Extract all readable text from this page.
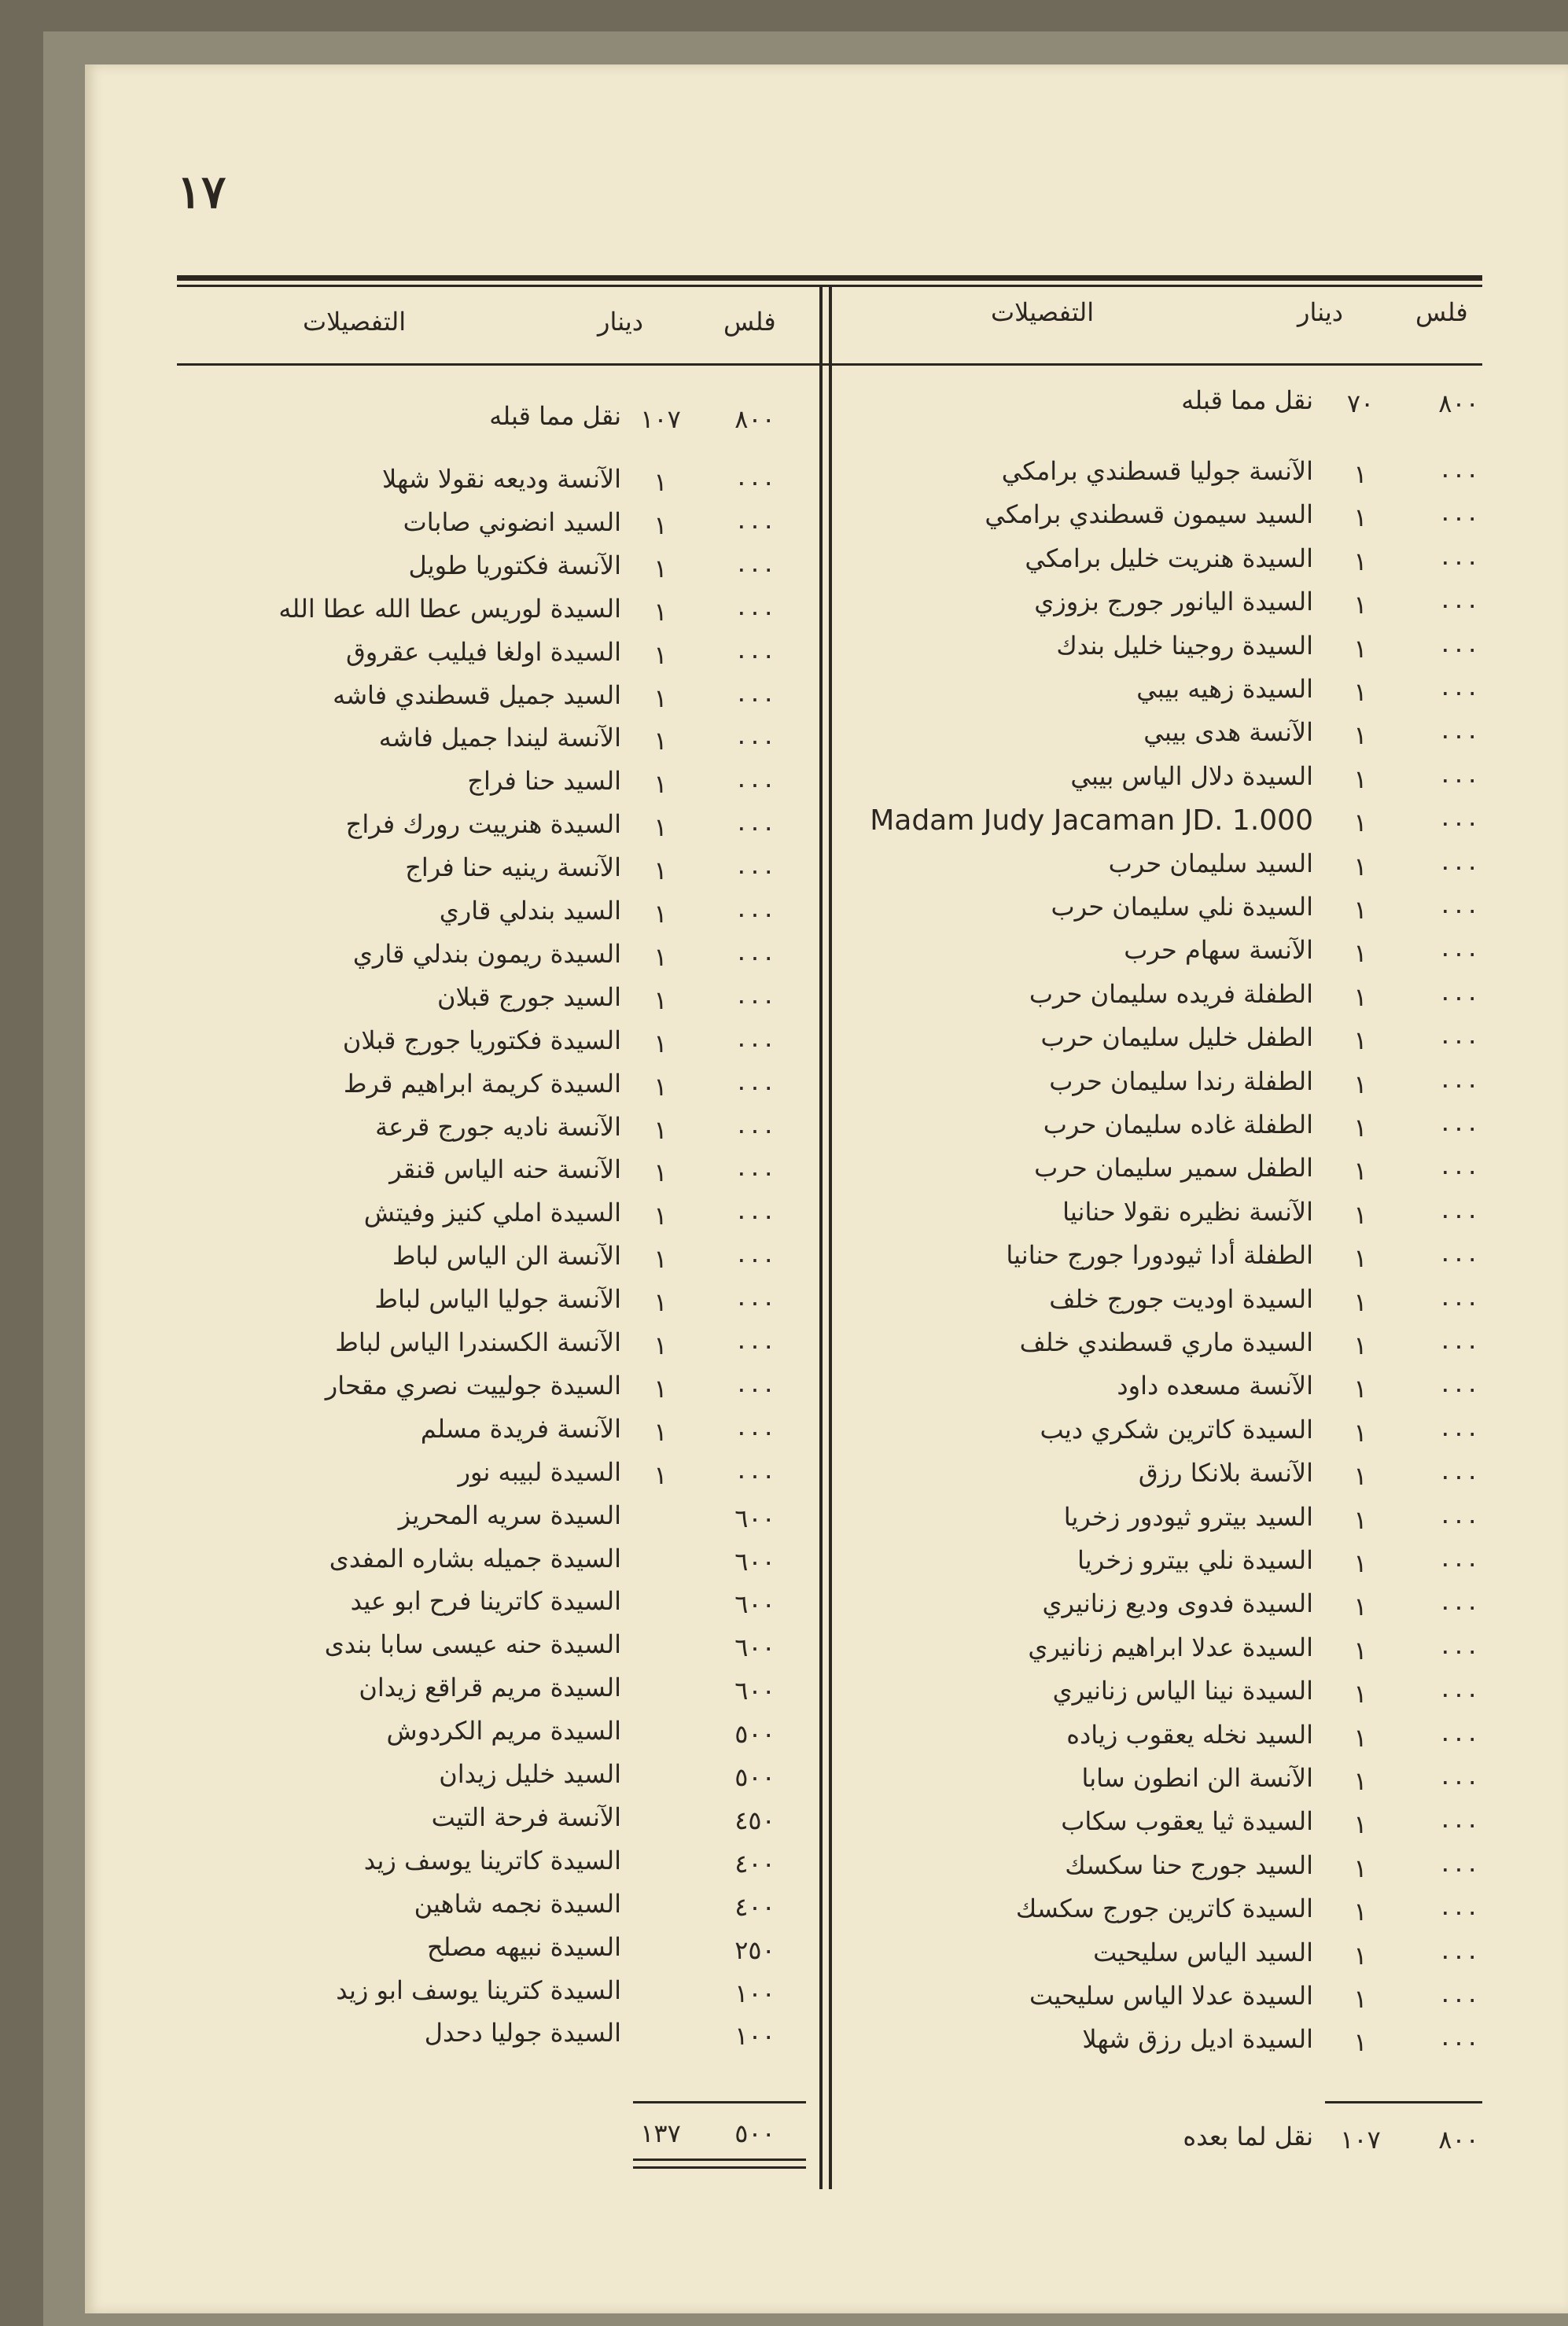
١٧
فلس
دينار
التفصيلات
فلس
دينار
التفصيلات
٨٠٠
٧٠
نقل مما قبله
٠٠٠
١
الآنسة جوليا قسطندي برامكي
٠٠٠
١
السيد سيمون قسطندي برامكي
٠٠٠
١
السيدة هنريت خليل برامكي
٠٠٠
١
السيدة اليانور جورج بزوزي
٠٠٠
١
السيدة روجينا خليل بندك
٠٠٠
١
السيدة زهيه بيبي
٠٠٠
١
الآنسة هدى بيبي
٠٠٠
١
السيدة دلال الياس بيبي
٠٠٠
١
Madam Judy Jacaman JD. 1.000
٠٠٠
١
السيد سليمان حرب
٠٠٠
١
السيدة نلي سليمان حرب
٠٠٠
١
الآنسة سهام حرب
٠٠٠
١
الطفلة فريده سليمان حرب
٠٠٠
١
الطفل خليل سليمان حرب
٠٠٠
١
الطفلة رندا سليمان حرب
٠٠٠
١
الطفلة غاده سليمان حرب
٠٠٠
١
الطفل سمير سليمان حرب
٠٠٠
١
الآنسة نظيره نقولا حنانيا
٠٠٠
١
الطفلة أدا ثيودورا جورج حنانيا
٠٠٠
١
السيدة اوديت جورج خلف
٠٠٠
١
السيدة ماري قسطندي خلف
٠٠٠
١
الآنسة مسعده داود
٠٠٠
١
السيدة كاترين شكري ديب
٠٠٠
١
الآنسة بلانكا رزق
٠٠٠
١
السيد بيترو ثيودور زخريا
٠٠٠
١
السيدة نلي بيترو زخريا
٠٠٠
١
السيدة فدوى وديع زنانيري
٠٠٠
١
السيدة عدلا ابراهيم زنانيري
٠٠٠
١
السيدة نينا الياس زنانيري
٠٠٠
١
السيد نخله يعقوب زياده
٠٠٠
١
الآنسة الن انطون سابا
٠٠٠
١
السيدة ثيا يعقوب سكاب
٠٠٠
١
السيد جورج حنا سكسك
٠٠٠
١
السيدة كاترين جورج سكسك
٠٠٠
١
السيد الياس سليحيت
٠٠٠
١
السيدة عدلا الياس سليحيت
٠٠٠
١
السيدة اديل رزق شهلا
٨٠٠
١٠٧
نقل لما بعده
٨٠٠
١٠٧
نقل مما قبله
٠٠٠
١
الآنسة وديعه نقولا شهلا
٠٠٠
١
السيد انضوني صابات
٠٠٠
١
الآنسة فكتوريا طويل
٠٠٠
١
السيدة لوريس عطا الله عطا الله
٠٠٠
١
السيدة اولغا فيليب عقروق
٠٠٠
١
السيد جميل قسطندي فاشه
٠٠٠
١
الآنسة ليندا جميل فاشه
٠٠٠
١
السيد حنا فراج
٠٠٠
١
السيدة هنرييت رورك فراج
٠٠٠
١
الآنسة رينيه حنا فراج
٠٠٠
١
السيد بندلي قاري
٠٠٠
١
السيدة ريمون بندلي قاري
٠٠٠
١
السيد جورج قبلان
٠٠٠
١
السيدة فكتوريا جورج قبلان
٠٠٠
١
السيدة كريمة ابراهيم قرط
٠٠٠
١
الآنسة ناديه جورج قرعة
٠٠٠
١
الآنسة حنه الياس قنقر
٠٠٠
١
السيدة املي كنيز وفيتش
٠٠٠
١
الآنسة الن الياس لباط
٠٠٠
١
الآنسة جوليا الياس لباط
٠٠٠
١
الآنسة الكسندرا الياس لباط
٠٠٠
١
السيدة جولييت نصري مقحار
٠٠٠
١
الآنسة فريدة مسلم
٠٠٠
١
السيدة لبيبه نور
٦٠٠
السيدة سريه المحريز
٦٠٠
السيدة جميله بشاره المفدى
٦٠٠
السيدة كاترينا فرح ابو عيد
٦٠٠
السيدة حنه عيسى سابا بندى
٦٠٠
السيدة مريم قراقع زيدان
٥٠٠
السيدة مريم الكردوش
٥٠٠
السيد خليل زيدان
٤٥٠
الآنسة فرحة التيت
٤٠٠
السيدة كاترينا يوسف زيد
٤٠٠
السيدة نجمه شاهين
٢٥٠
السيدة نبيهه مصلح
١٠٠
السيدة كترينا يوسف ابو زيد
١٠٠
السيدة جوليا دحدل
٥٠٠
١٣٧
